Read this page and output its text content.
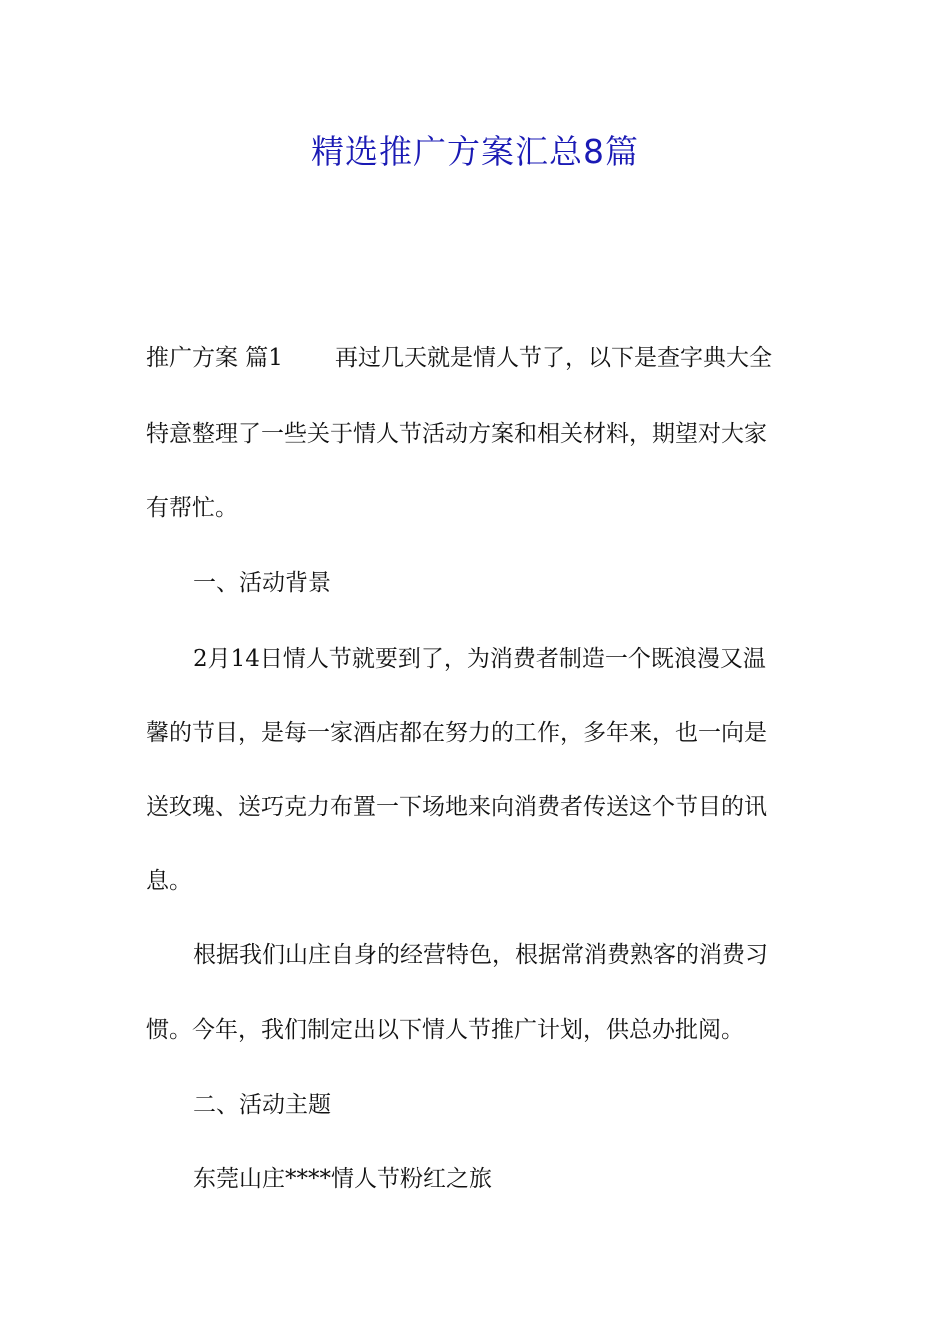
精选推广方案汇总8篇
推广方案 篇1 再过几天就是情人节了，以下是查字典大全
特意整理了一些关于情人节活动方案和相关材料，期望对大家
有帮忙。
一、活动背景
2月14日情人节就要到了，为消费者制造一个既浪漫又温
馨的节目，是每一家酒店都在努力的工作，多年来，也一向是
送玫瑰、送巧克力布置一下场地来向消费者传送这个节目的讯
息。
根据我们山庄自身的经营特色，根据常消费熟客的消费习
惯。今年，我们制定出以下情人节推广计划，供总办批阅。
二、活动主题
东莞山庄****情人节粉红之旅
